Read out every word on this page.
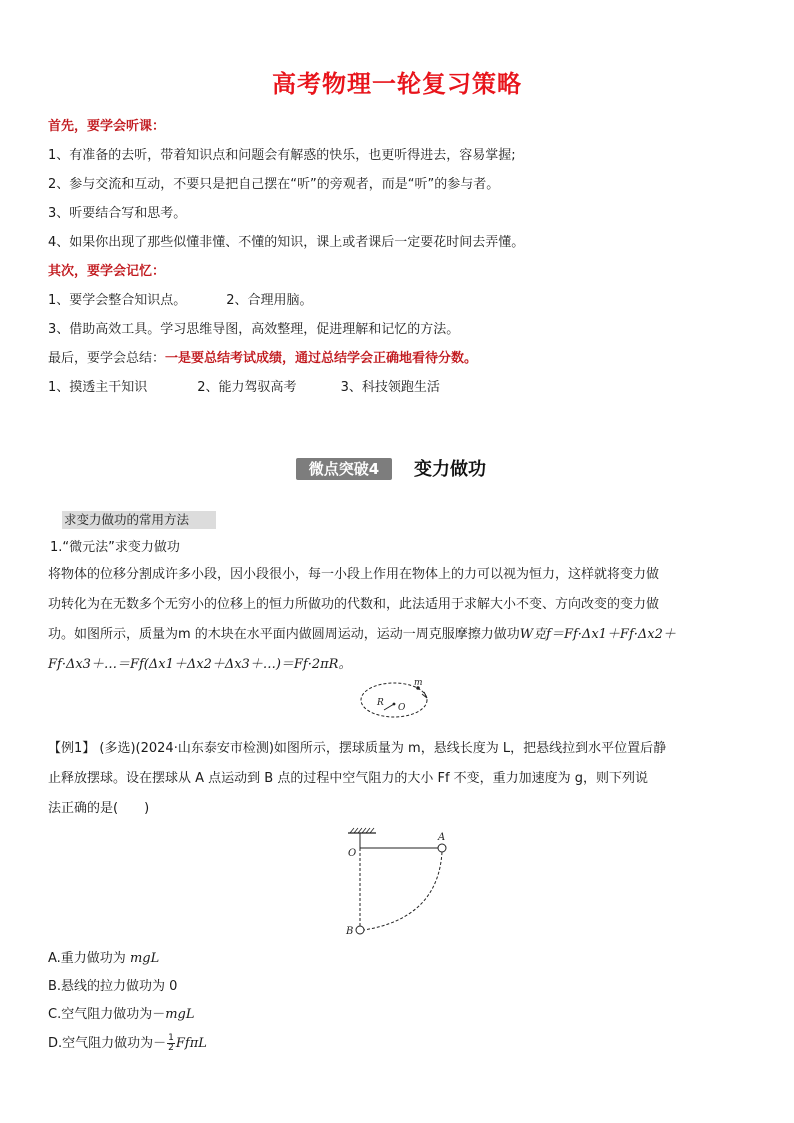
高考物理一轮复习策略
首先，要学会听课：
1、有准备的去听，带着知识点和问题会有解惑的快乐，也更听得进去，容易掌握;
2、参与交流和互动，不要只是把自己摆在“听”的旁观者，而是“听”的参与者。
3、听要结合写和思考。
4、如果你出现了那些似懂非懂、不懂的知识，课上或者课后一定要花时间去弄懂。
其次，要学会记忆：
1、要学会整合知识点。	2、合理用脑。
3、借助高效工具。学习思维导图，高效整理，促进理解和记忆的方法。
最后，要学会总结：一是要总结考试成绩，通过总结学会正确地看待分数。
1、摸透主干知识	2、能力驾驭高考	3、科技领跑生活
微点突破4	变力做功
求变力做功的常用方法
1.“微元法”求变力做功
将物体的位移分割成许多小段，因小段很小，每一小段上作用在物体上的力可以视为恒力，这样就将变力做
功转化为在无数多个无穷小的位移上的恒力所做功的代数和，此法适用于求解大小不变、方向改变的变力做
功。如图所示，质量为m 的木块在水平面内做圆周运动，运动一周克服摩擦力做功W克f＝Ff·Δx1＋Ff·Δx2＋
Ff·Δx3＋…＝Ff(Δx1＋Δx2＋Δx3＋…)＝Ff·2πR。
m
R O
【例1】 (多选)(2024·山东泰安市检测)如图所示，摆球质量为 m，悬线长度为 L，把悬线拉到水平位置后静
止释放摆球。设在摆球从 A 点运动到 B 点的过程中空气阻力的大小 Ff 不变，重力加速度为 g，则下列说
法正确的是(　　)
O
A
B
A.重力做功为 mgL
B.悬线的拉力做功为 0
C.空气阻力做功为－mgL
D.空气阻力做功为－ $\frac{1}{2}$ FfπL
